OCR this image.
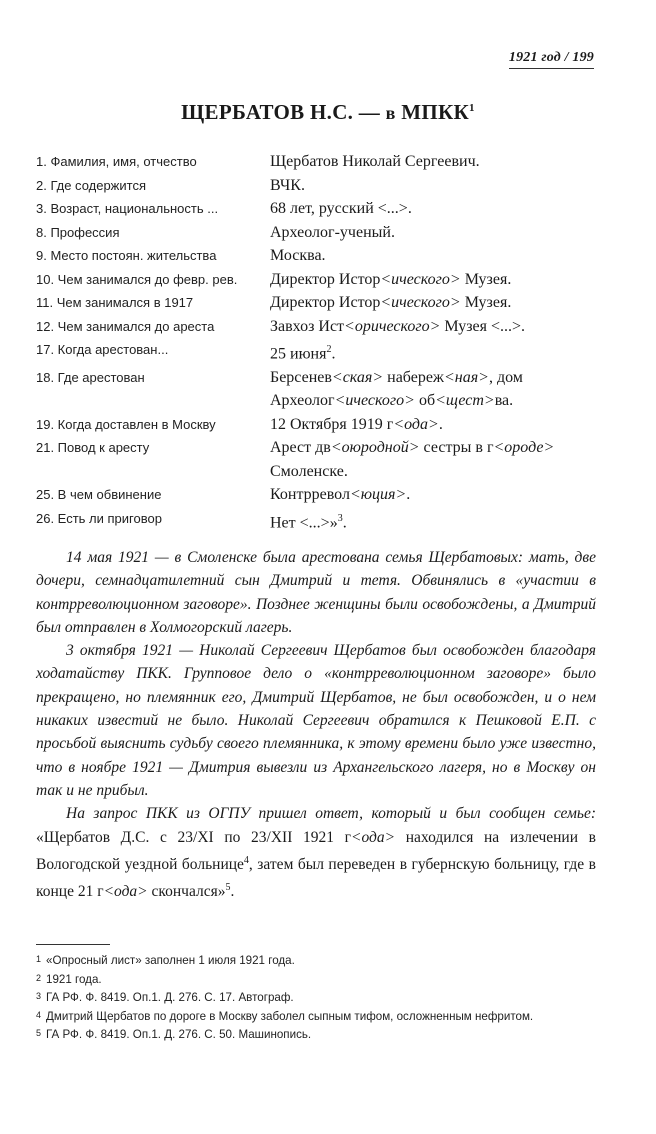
1921 год / 199
ЩЕРБАТОВ Н.С. — в МПКК$^1$
1. Фамилия, имя, отчество	Щербатов Николай Сергеевич.
2. Где содержится	ВЧК.
3. Возраст, национальность ...	68 лет, русский <...>.
8. Профессия	Археолог-ученый.
9. Место постоян. жительства	Москва.
10. Чем занимался до февр. рев.	Директор Истор<ического> Музея.
11. Чем занимался в 1917	Директор Истор<ического> Музея.
12. Чем занимался до ареста	Завхоз Ист<орического> Музея <...>.
17. Когда арестован...	25 июня$^2$.
18. Где арестован	Берсенев<ская> набереж<ная>, дом
Археолог<ического> об<щест>ва.
19. Когда доставлен в Москву	12 Октября 1919 г<ода>.
21. Повод к аресту	Арест дв<оюродной> сестры в г<ороде>
Смоленске.
25. В чем обвинение	Контрревол<юция>.
26. Есть ли приговор	Нет <...>»$^3$.

14 мая 1921 — в Смоленске была арестована семья Щербатовых: мать, две дочери, семнадцатилетний сын Дмитрий и тетя. Обвинялись в «участии в контрреволюционном заговоре». Позднее женщины были освобождены, а Дмитрий был отправлен в Холмогорский лагерь.

3 октября 1921 — Николай Сергеевич Щербатов был освобожден благодаря ходатайству ПКК. Групповое дело о «контрреволюционном заговоре» было прекращено, но племянник его, Дмитрий Щербатов, не был освобожден, и о нем никаких известий не было. Николай Сергеевич обратился к Пешковой Е.П. с просьбой выяснить судьбу своего племянника, к этому времени было уже известно, что в ноябре 1921 — Дмитрия вывезли из Архангельского лагеря, но в Москву он так и не прибыл.

На запрос ПКК из ОГПУ пришел ответ, который и был сообщен семье: «Щербатов Д.С. с 23/XI по 23/XII 1921 г<ода> находился на излечении в Вологодской уездной больнице$^4$, затем был переведен в губернскую больницу, где в конце 21 г<ода> скончался»$^5$.

1 «Опросный лист» заполнен 1 июля 1921 года.
2 1921 года.
3 ГА РФ. Ф. 8419. Оп.1. Д. 276. С. 17. Автограф.
4 Дмитрий Щербатов по дороге в Москву заболел сыпным тифом, осложненным нефритом.
5 ГА РФ. Ф. 8419. Оп.1. Д. 276. С. 50. Машинопись.
